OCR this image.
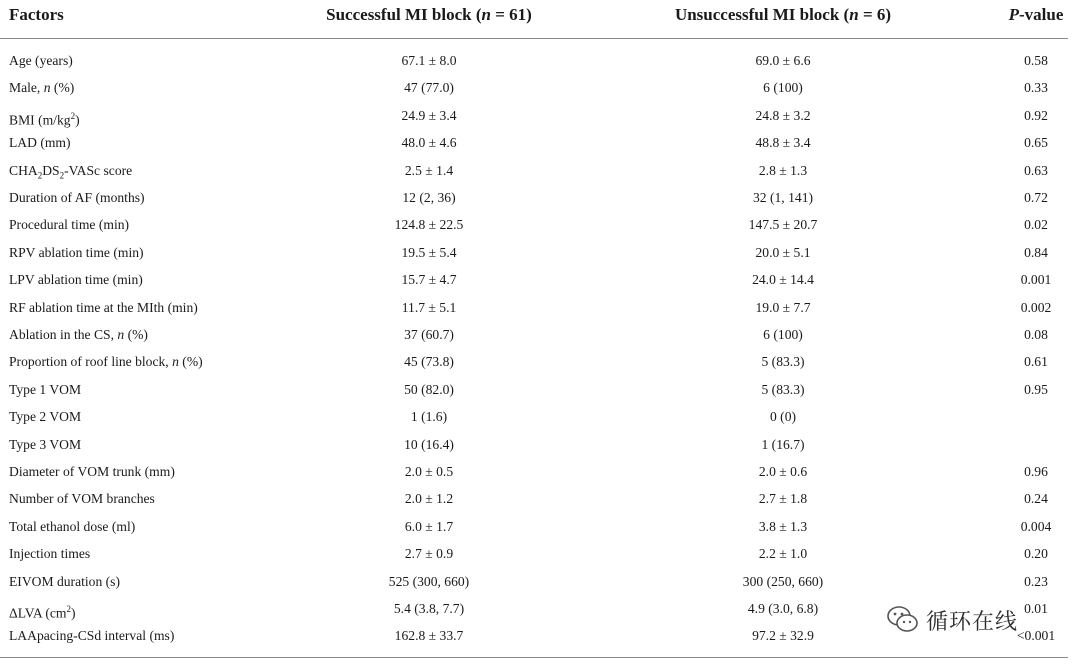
Factors	Successful MI block (n = 61)	Unsuccessful MI block (n = 6)	P-value
Age (years)	67.1 ± 8.0	69.0 ± 6.6	0.58
Male, n (%)	47 (77.0)	6 (100)	0.33
BMI $(m/kg^2)$	24.9 ± 3.4	24.8 ± 3.2	0.92
LAD (mm)	48.0 ± 4.6	48.8 ± 3.4	0.65
$CHA_2DS_2$-VASc score	2.5 ± 1.4	2.8 ± 1.3	0.63
Duration of AF (months)	12 (2, 36)	32 (1, 141)	0.72
Procedural time (min)	124.8 ± 22.5	147.5 ± 20.7	0.02
RPV ablation time (min)	19.5 ± 5.4	20.0 ± 5.1	0.84
LPV ablation time (min)	15.7 ± 4.7	24.0 ± 14.4	0.001
RF ablation time at the MIth (min)	11.7 ± 5.1	19.0 ± 7.7	0.002
Ablation in the CS, n (%)	37 (60.7)	6 (100)	0.08
Proportion of roof line block, n (%)	45 (73.8)	5 (83.3)	0.61
Type 1 VOM	50 (82.0)	5 (83.3)	0.95
Type 2 VOM	1 (1.6)	0 (0)
Type 3 VOM	10 (16.4)	1 (16.7)
Diameter of VOM trunk (mm)	2.0 ± 0.5	2.0 ± 0.6	0.96
Number of VOM branches	2.0 ± 1.2	2.7 ± 1.8	0.24
Total ethanol dose (ml)	6.0 ± 1.7	3.8 ± 1.3	0.004
Injection times	2.7 ± 0.9	2.2 ± 1.0	0.20
EIVOM duration (s)	525 (300, 660)	300 (250, 660)	0.23
ΔLVA $(cm^2)$	5.4 (3.8, 7.7)	4.9 (3.0, 6.8)	0.01
LAApacing-CSd interval (ms)	162.8 ± 33.7	97.2 ± 32.9	<0.001
循环在线
